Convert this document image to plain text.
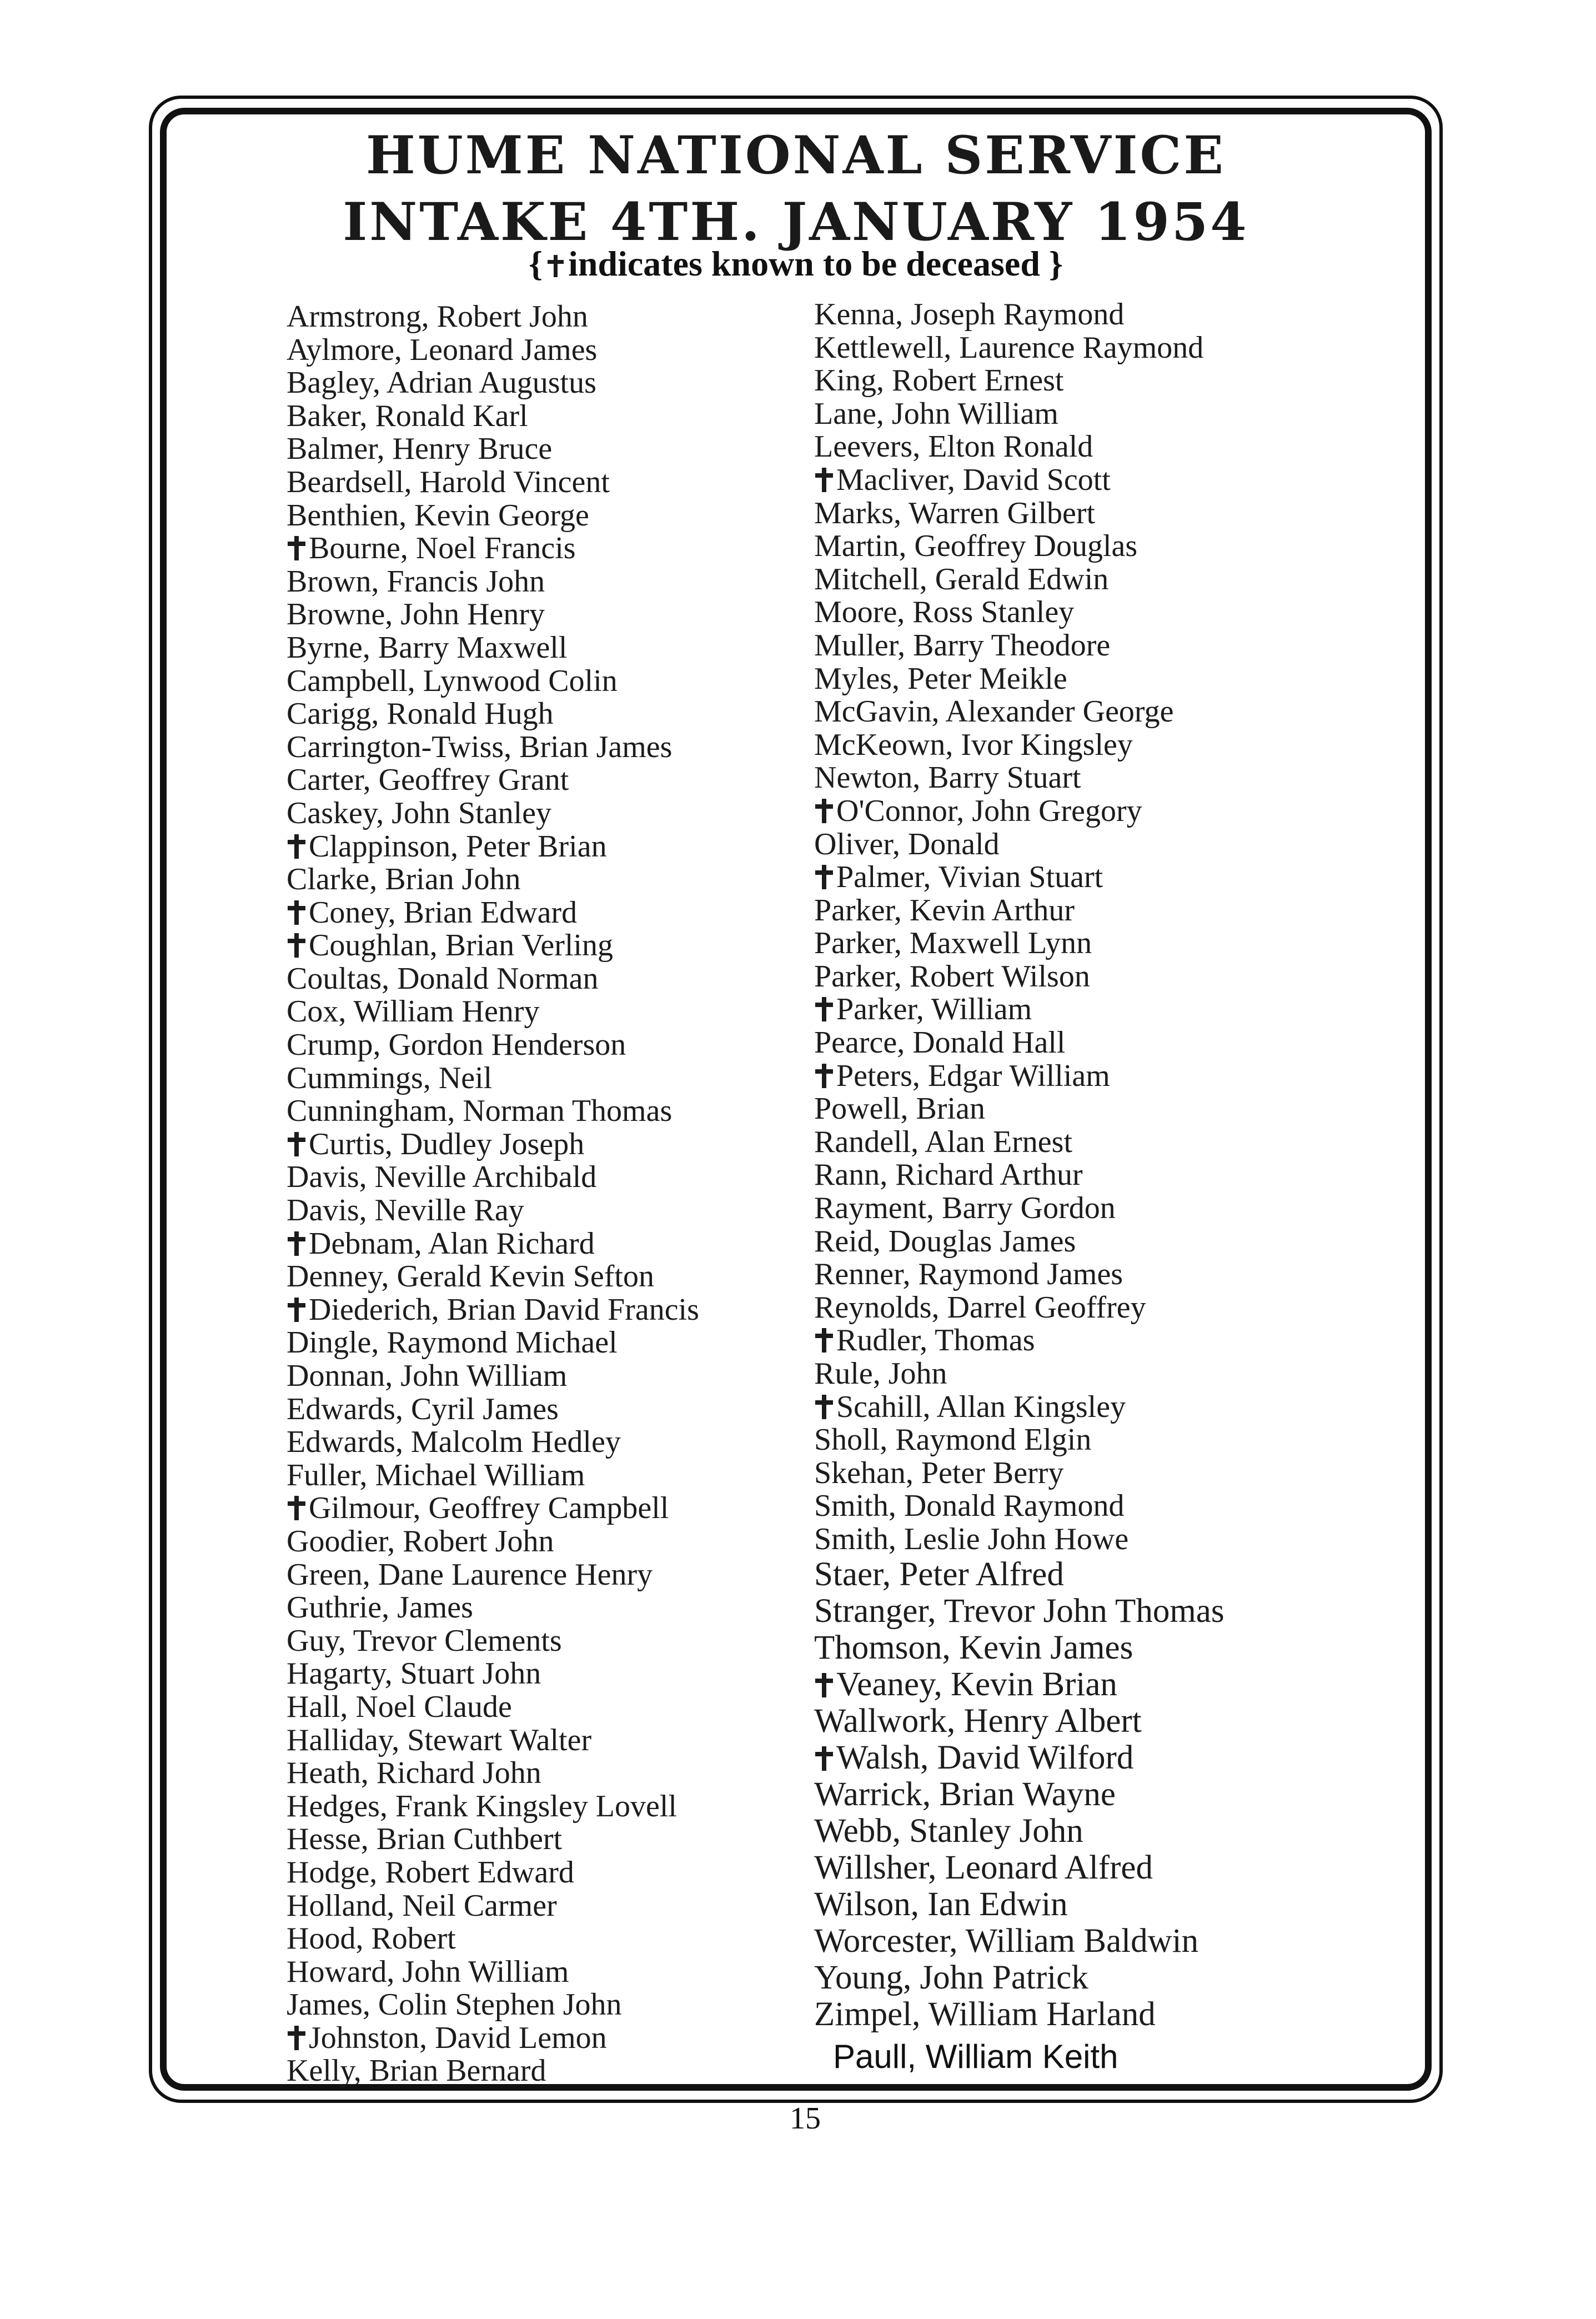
HUME NATIONAL SERVICE
INTAKE 4TH. JANUARY 1954
{ indicates known to be deceased }
Armstrong, Robert John
Aylmore, Leonard James
Bagley, Adrian Augustus
Baker, Ronald Karl
Balmer, Henry Bruce
Beardsell, Harold Vincent
Benthien, Kevin George
Bourne, Noel Francis
Brown, Francis John
Browne, John Henry
Byrne, Barry Maxwell
Campbell, Lynwood Colin
Carigg, Ronald Hugh
Carrington-Twiss, Brian James
Carter, Geoffrey Grant
Caskey, John Stanley
Clappinson, Peter Brian
Clarke, Brian John
Coney, Brian Edward
Coughlan, Brian Verling
Coultas, Donald Norman
Cox, William Henry
Crump, Gordon Henderson
Cummings, Neil
Cunningham, Norman Thomas
Curtis, Dudley Joseph
Davis, Neville Archibald
Davis, Neville Ray
Debnam, Alan Richard
Denney, Gerald Kevin Sefton
Diederich, Brian David Francis
Dingle, Raymond Michael
Donnan, John William
Edwards, Cyril James
Edwards, Malcolm Hedley
Fuller, Michael William
Gilmour, Geoffrey Campbell
Goodier, Robert John
Green, Dane Laurence Henry
Guthrie, James
Guy, Trevor Clements
Hagarty, Stuart John
Hall, Noel Claude
Halliday, Stewart Walter
Heath, Richard John
Hedges, Frank Kingsley Lovell
Hesse, Brian Cuthbert
Hodge, Robert Edward
Holland, Neil Carmer
Hood, Robert
Howard, John William
James, Colin Stephen John
Johnston, David Lemon
Kelly, Brian Bernard
Kenna, Joseph Raymond
Kettlewell, Laurence Raymond
King, Robert Ernest
Lane, John William
Leevers, Elton Ronald
Macliver, David Scott
Marks, Warren Gilbert
Martin, Geoffrey Douglas
Mitchell, Gerald Edwin
Moore, Ross Stanley
Muller, Barry Theodore
Myles, Peter Meikle
McGavin, Alexander George
McKeown, Ivor Kingsley
Newton, Barry Stuart
O'Connor, John Gregory
Oliver, Donald
Palmer, Vivian Stuart
Parker, Kevin Arthur
Parker, Maxwell Lynn
Parker, Robert Wilson
Parker, William
Pearce, Donald Hall
Peters, Edgar William
Powell, Brian
Randell, Alan Ernest
Rann, Richard Arthur
Rayment, Barry Gordon
Reid, Douglas James
Renner, Raymond James
Reynolds, Darrel Geoffrey
Rudler, Thomas
Rule, John
Scahill, Allan Kingsley
Sholl, Raymond Elgin
Skehan, Peter Berry
Smith, Donald Raymond
Smith, Leslie John Howe
Staer, Peter Alfred
Stranger, Trevor John Thomas
Thomson, Kevin James
Veaney, Kevin Brian
Wallwork, Henry Albert
Walsh, David Wilford
Warrick, Brian Wayne
Webb, Stanley John
Willsher, Leonard Alfred
Wilson, Ian Edwin
Worcester, William Baldwin
Young, John Patrick
Zimpel, William Harland
Paull, William Keith
15
